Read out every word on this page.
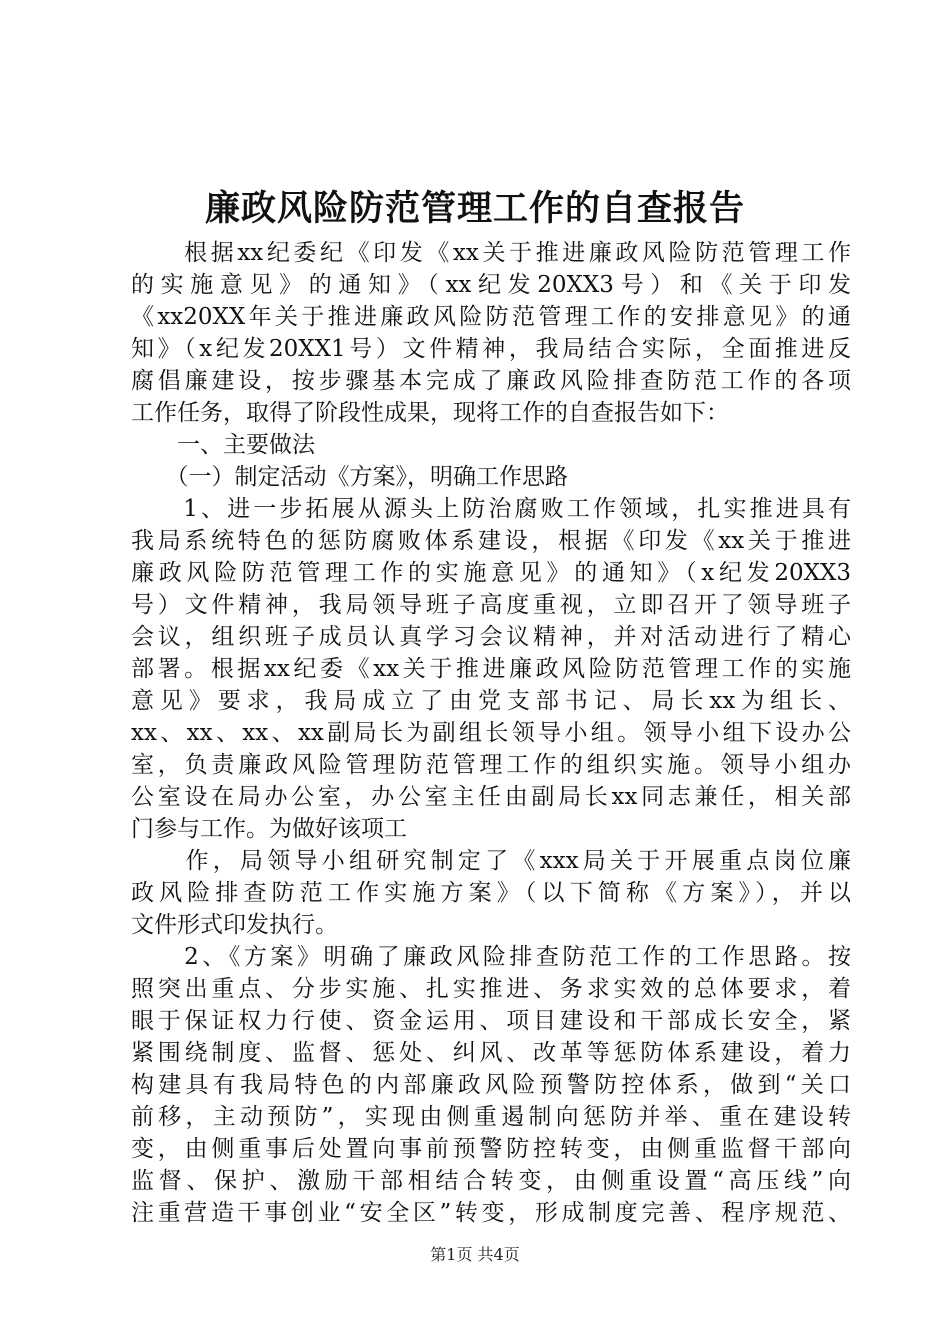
廉政风险防范管理工作的自查报告
　　根据xx纪委纪《印发《xx关于推进廉政风险防范管理工作
的实施意见》的通知》（xx纪发20XX3号）和《关于印发
《xx20XX年关于推进廉政风险防范管理工作的安排意见》的通
知》（x纪发20XX1号）文件精神，我局结合实际，全面推进反
腐倡廉建设，按步骤基本完成了廉政风险排查防范工作的各项
工作任务，取得了阶段性成果，现将工作的自查报告如下：
　　一、主要做法
　　（一）制定活动《方案》，明确工作思路
　　1、进一步拓展从源头上防治腐败工作领域，扎实推进具有
我局系统特色的惩防腐败体系建设，根据《印发《xx关于推进
廉政风险防范管理工作的实施意见》的通知》（x纪发20XX3
号）文件精神，我局领导班子高度重视，立即召开了领导班子
会议，组织班子成员认真学习会议精神，并对活动进行了精心
部署。根据xx纪委《xx关于推进廉政风险防范管理工作的实施
意见》要求，我局成立了由党支部书记、局长xx为组长、
xx、xx、xx、xx副局长为副组长领导小组。领导小组下设办公
室，负责廉政风险管理防范管理工作的组织实施。领导小组办
公室设在局办公室，办公室主任由副局长xx同志兼任，相关部
门参与工作。为做好该项工
　　作，局领导小组研究制定了《xxx局关于开展重点岗位廉
政风险排查防范工作实施方案》（以下简称《方案》），并以
文件形式印发执行。
　　2、《方案》明确了廉政风险排查防范工作的工作思路。按
照突出重点、分步实施、扎实推进、务求实效的总体要求，着
眼于保证权力行使、资金运用、项目建设和干部成长安全，紧
紧围绕制度、监督、惩处、纠风、改革等惩防体系建设，着力
构建具有我局特色的内部廉政风险预警防控体系，做到“关口
前移，主动预防”，实现由侧重遏制向惩防并举、重在建设转
变，由侧重事后处置向事前预警防控转变，由侧重监督干部向
监督、保护、激励干部相结合转变，由侧重设置“高压线”向
注重营造干事创业“安全区”转变，形成制度完善、程序规范、
第1页 共4页
